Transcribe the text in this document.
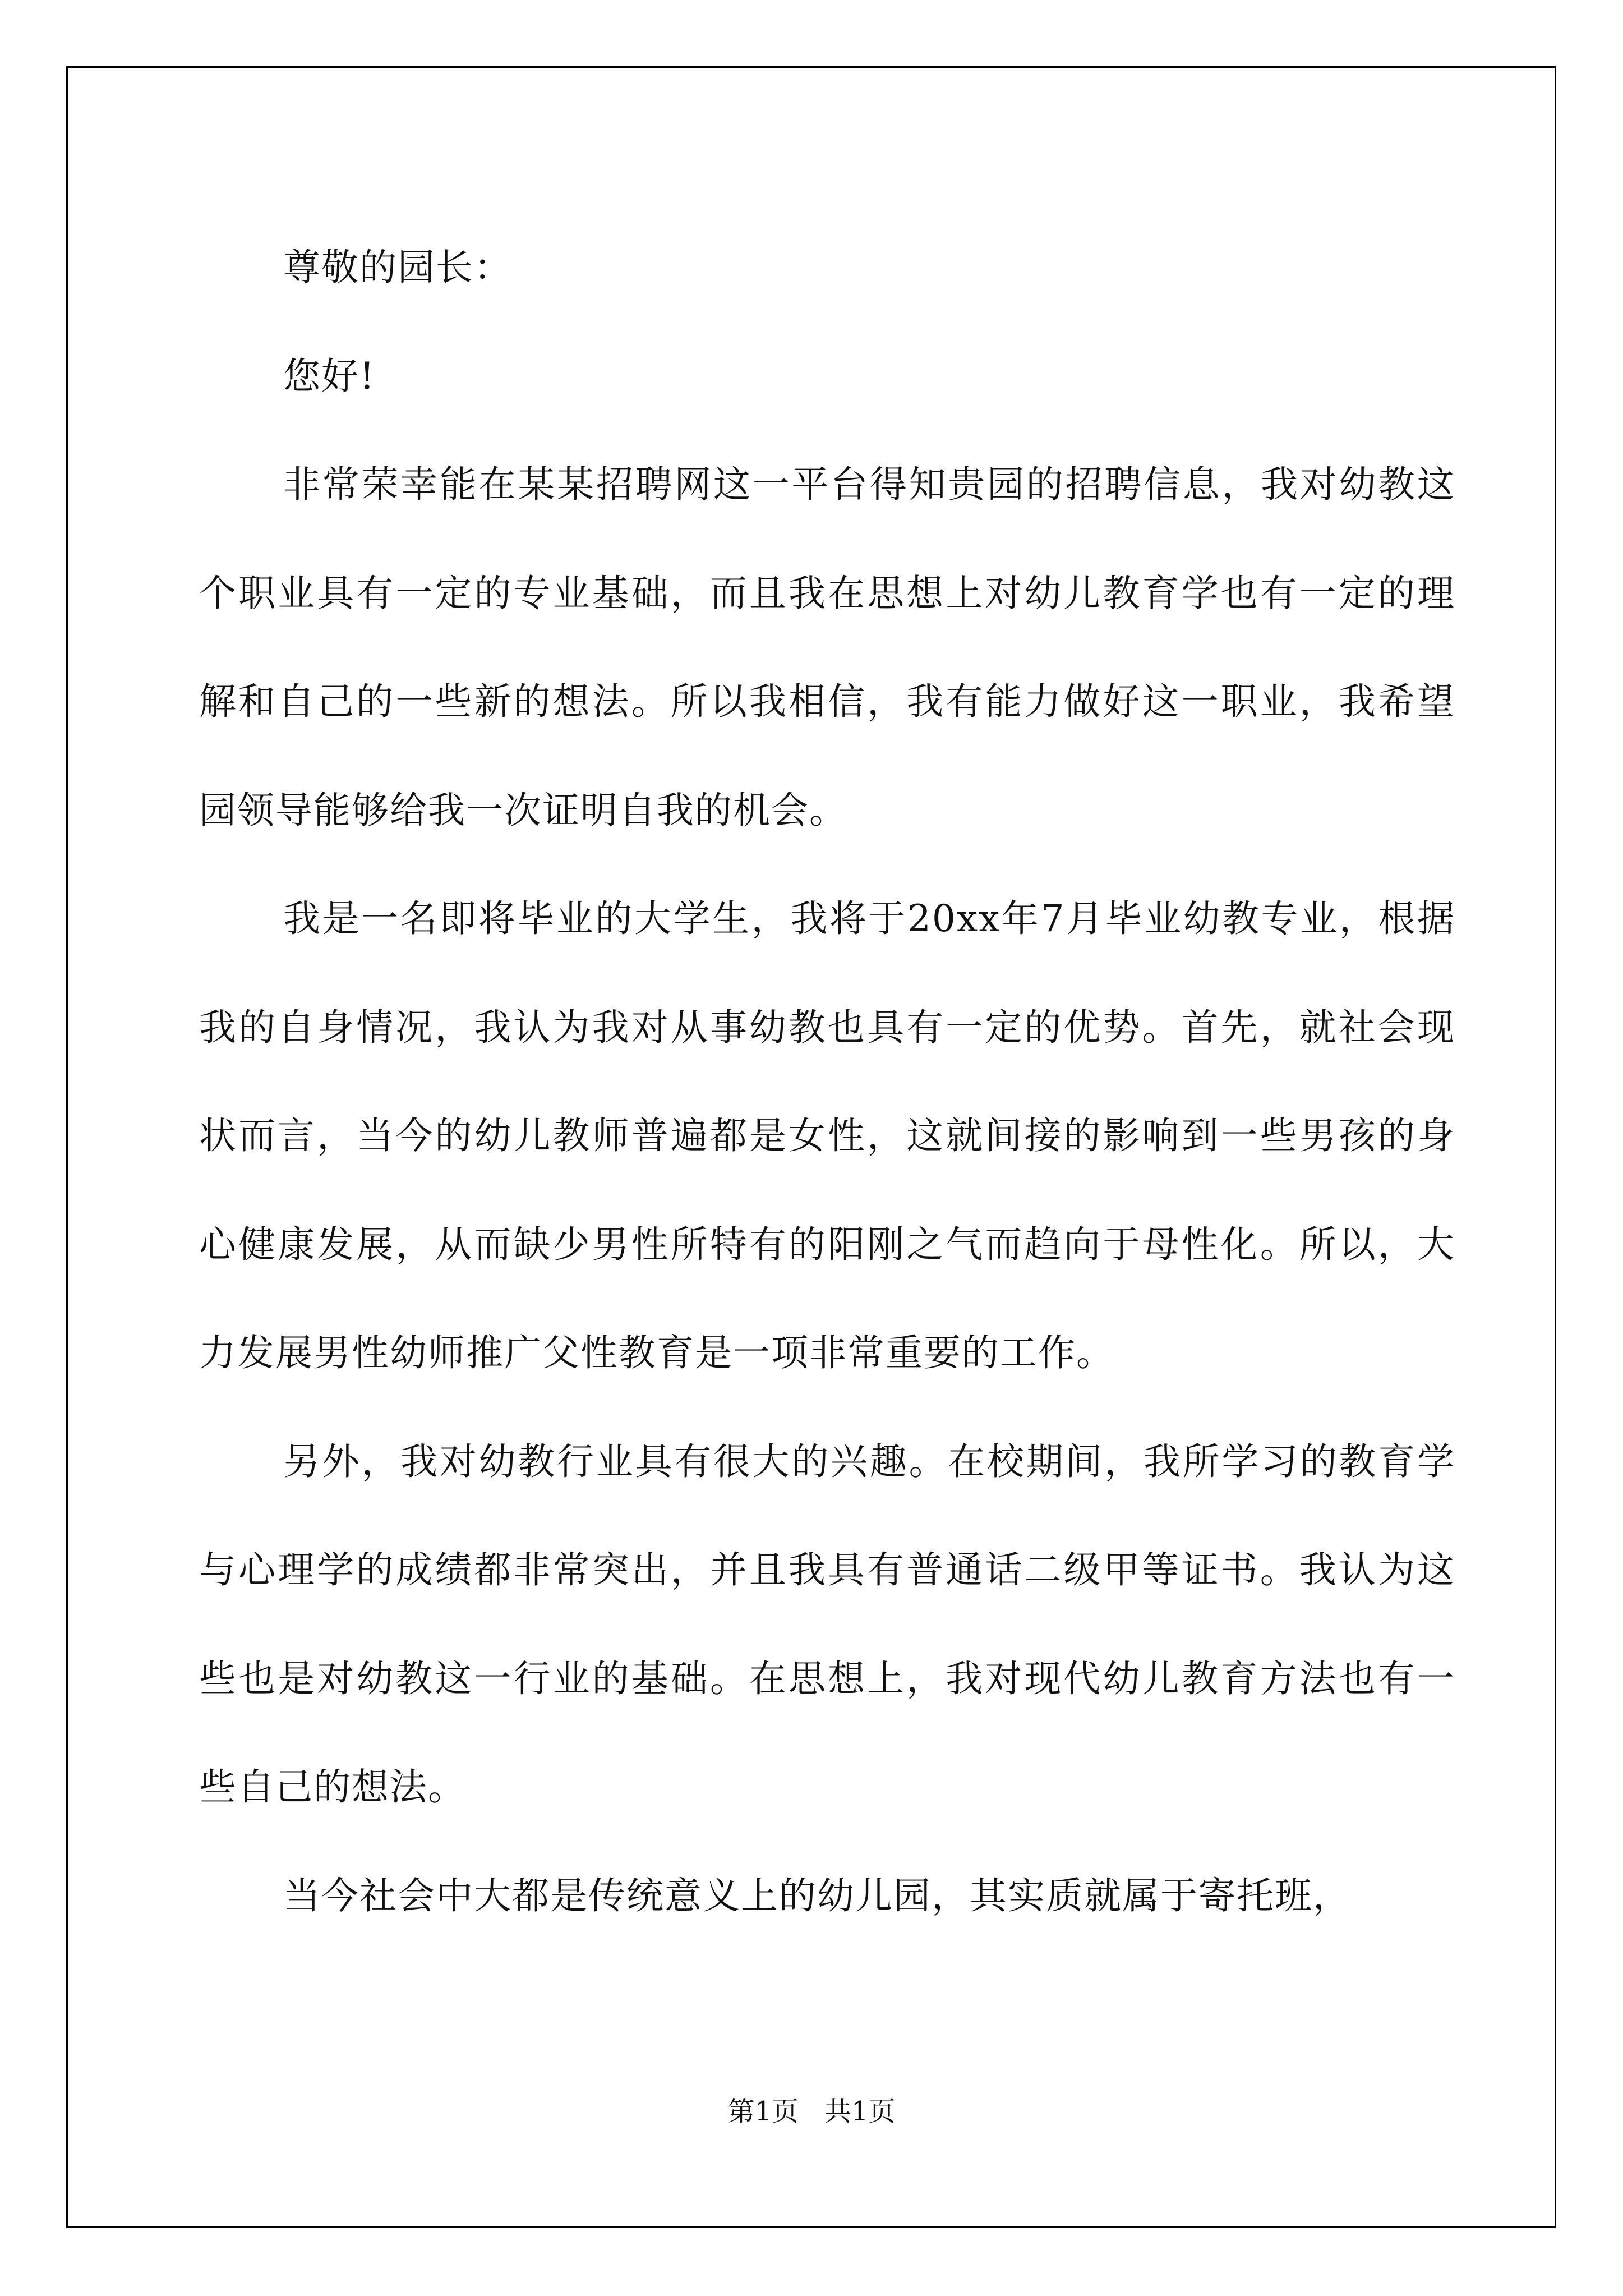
尊敬的园长：

您好!

非常荣幸能在某某招聘网这一平台得知贵园的招聘信息，我对幼教这个职业具有一定的专业基础，而且我在思想上对幼儿教育学也有一定的理解和自己的一些新的想法。所以我相信，我有能力做好这一职业，我希望园领导能够给我一次证明自我的机会。

我是一名即将毕业的大学生，我将于20xx年7月毕业幼教专业，根据我的自身情况，我认为我对从事幼教也具有一定的优势。首先，就社会现状而言，当今的幼儿教师普遍都是女性，这就间接的影响到一些男孩的身心健康发展，从而缺少男性所特有的阳刚之气而趋向于母性化。所以，大力发展男性幼师推广父性教育是一项非常重要的工作。

另外，我对幼教行业具有很大的兴趣。在校期间，我所学习的教育学与心理学的成绩都非常突出，并且我具有普通话二级甲等证书。我认为这些也是对幼教这一行业的基础。在思想上，我对现代幼儿教育方法也有一些自己的想法。

当今社会中大都是传统意义上的幼儿园，其实质就属于寄托班，

第1页   共1页
